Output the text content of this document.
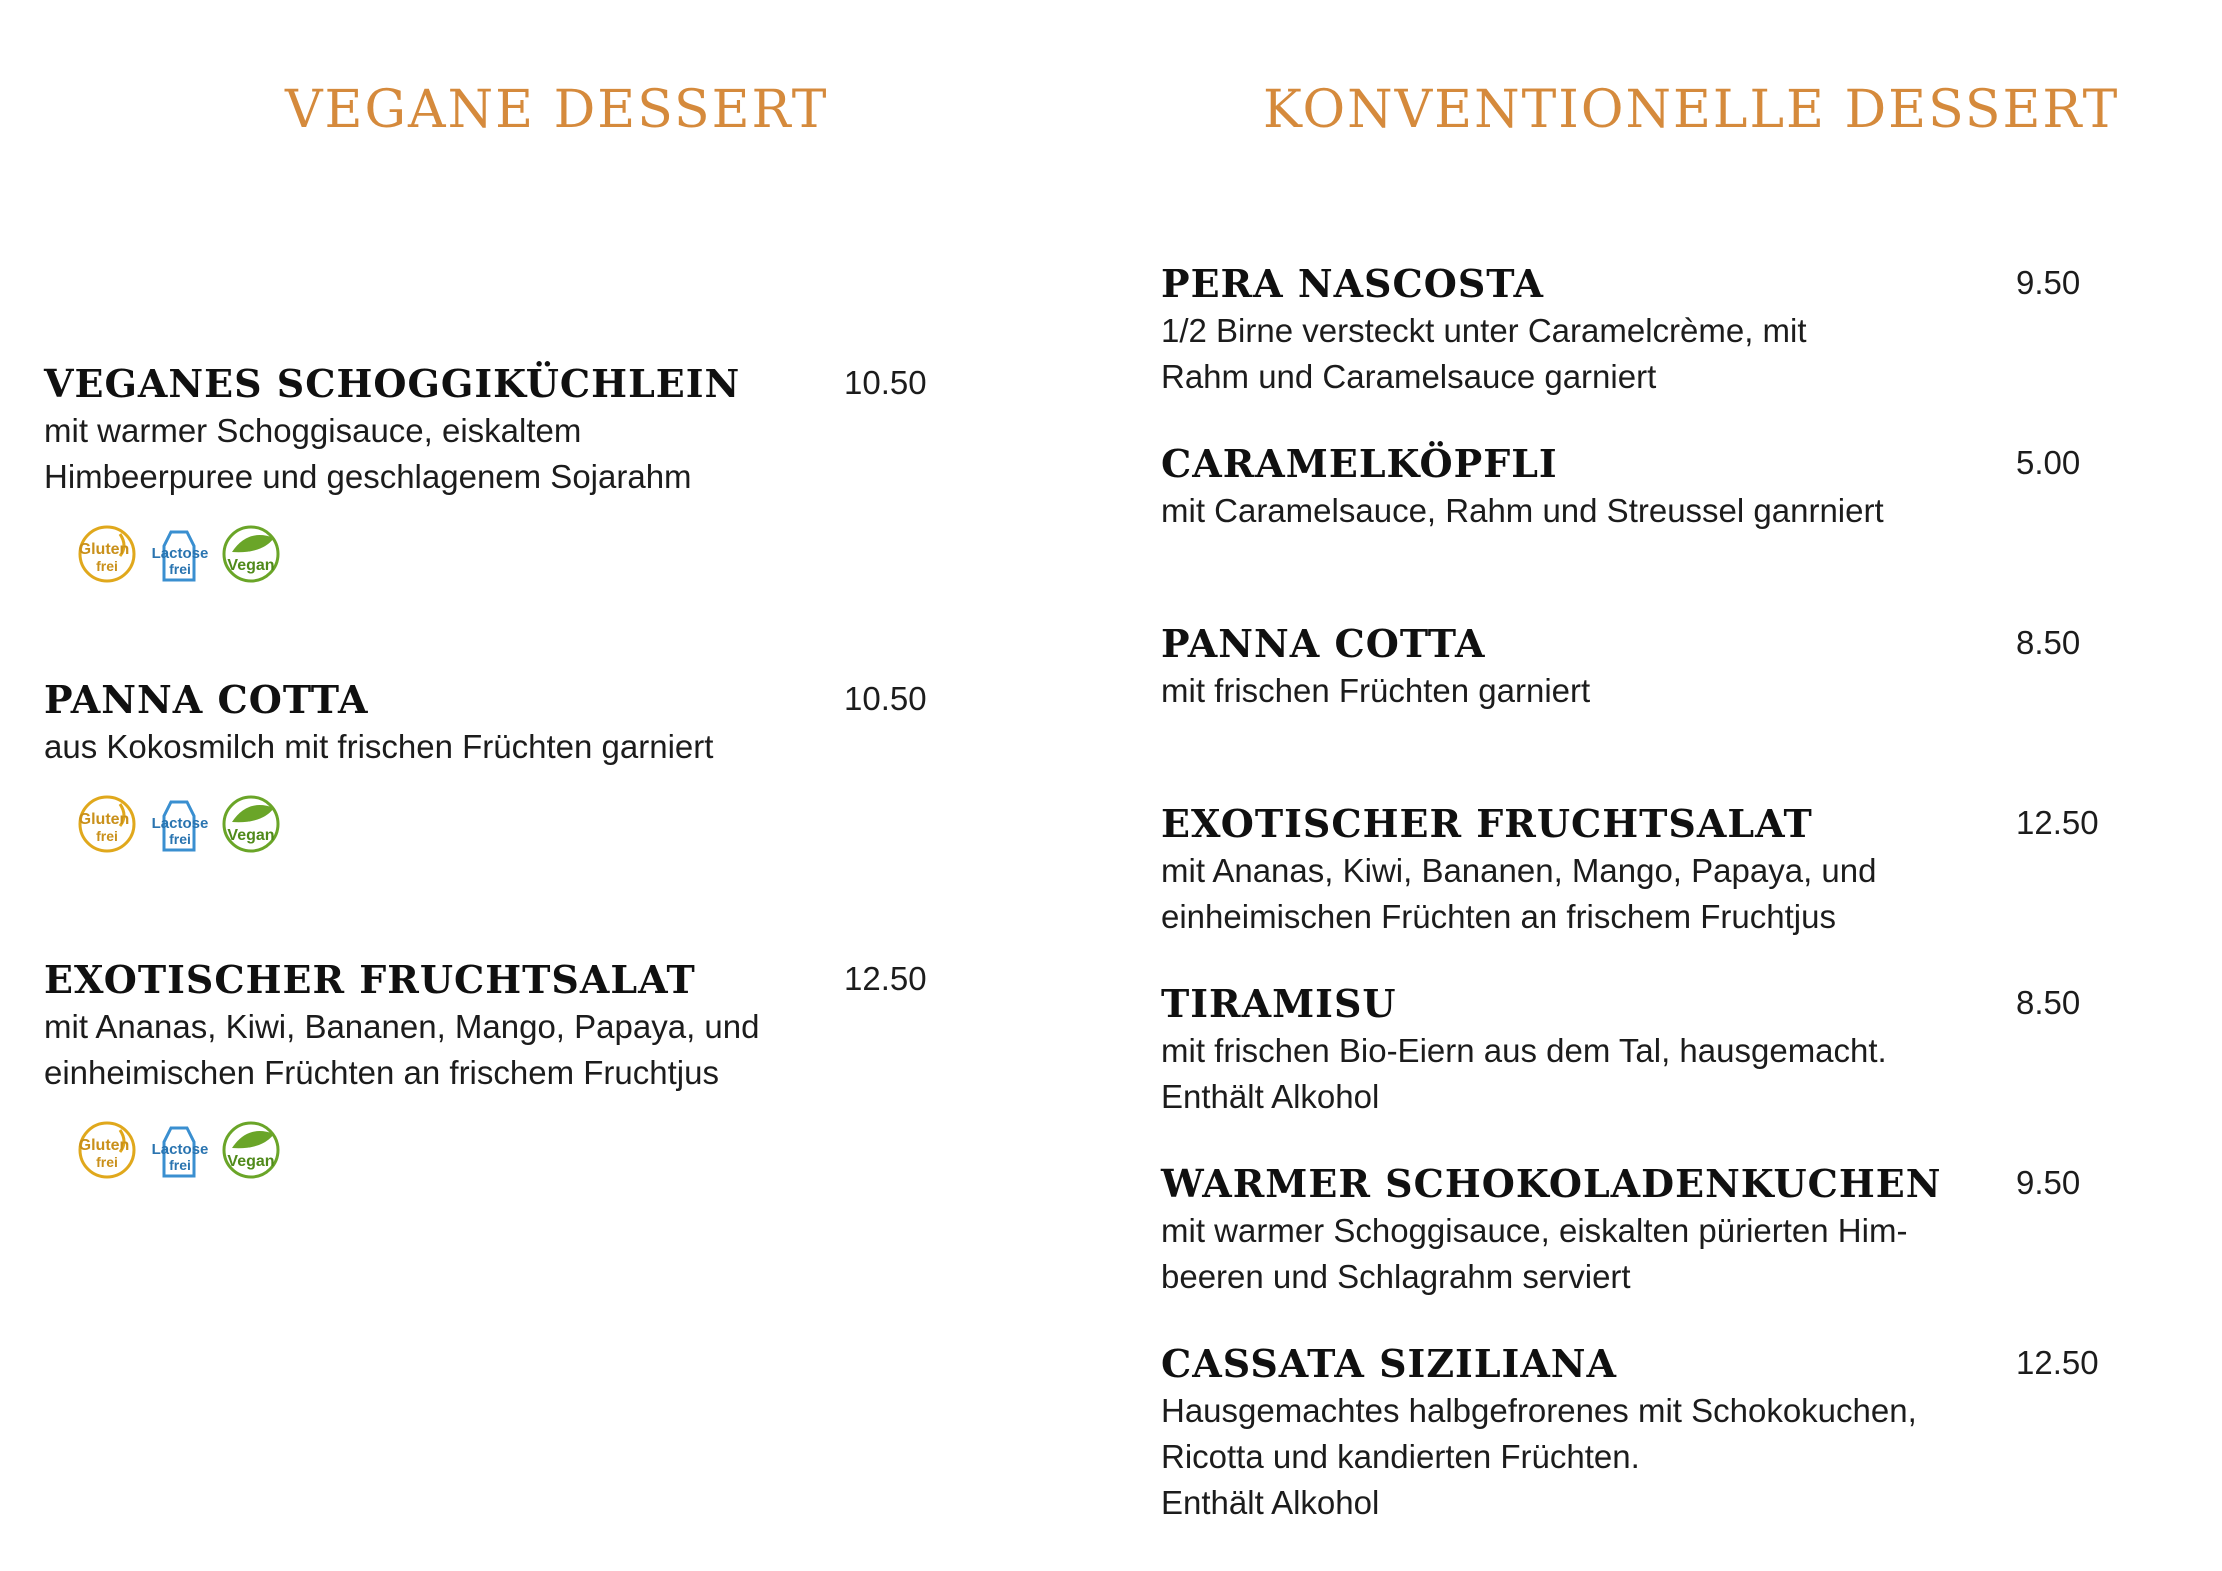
VEGANE DESSERT
VEGANES SCHOGGIKÜCHLEIN	10.50
mit warmer Schoggisauce, eiskaltem
Himbeerpuree und geschlagenem Sojarahm
Gluten
frei
Lactose
frei Vegan
PANNA COTTA	10.50
aus Kokosmilch mit frischen Früchten garniert
Gluten
frei
Lactose
frei Vegan
EXOTISCHER FRUCHTSALAT	12.50
mit Ananas, Kiwi, Bananen, Mango, Papaya, und
einheimischen Früchten an frischem Fruchtjus
Gluten
frei
Lactose
frei Vegan
KONVENTIONELLE DESSERT
PERA NASCOSTA	9.50
1/2 Birne versteckt unter Caramelcrème, mit
Rahm und Caramelsauce garniert
CARAMELKÖPFLI	5.00
mit Caramelsauce, Rahm und Streussel ganrniert
PANNA COTTA	8.50
mit frischen Früchten garniert
EXOTISCHER FRUCHTSALAT	12.50
mit Ananas, Kiwi, Bananen, Mango, Papaya, und
einheimischen Früchten an frischem Fruchtjus
TIRAMISU	8.50
mit frischen Bio-Eiern aus dem Tal, hausgemacht.
Enthält Alkohol
WARMER SCHOKOLADENKUCHEN	9.50
mit warmer Schoggisauce, eiskalten pürierten Him-
beeren und Schlagrahm serviert
CASSATA SIZILIANA	12.50
Hausgemachtes halbgefrorenes mit Schokokuchen,
Ricotta und kandierten Früchten.
Enthält Alkohol
